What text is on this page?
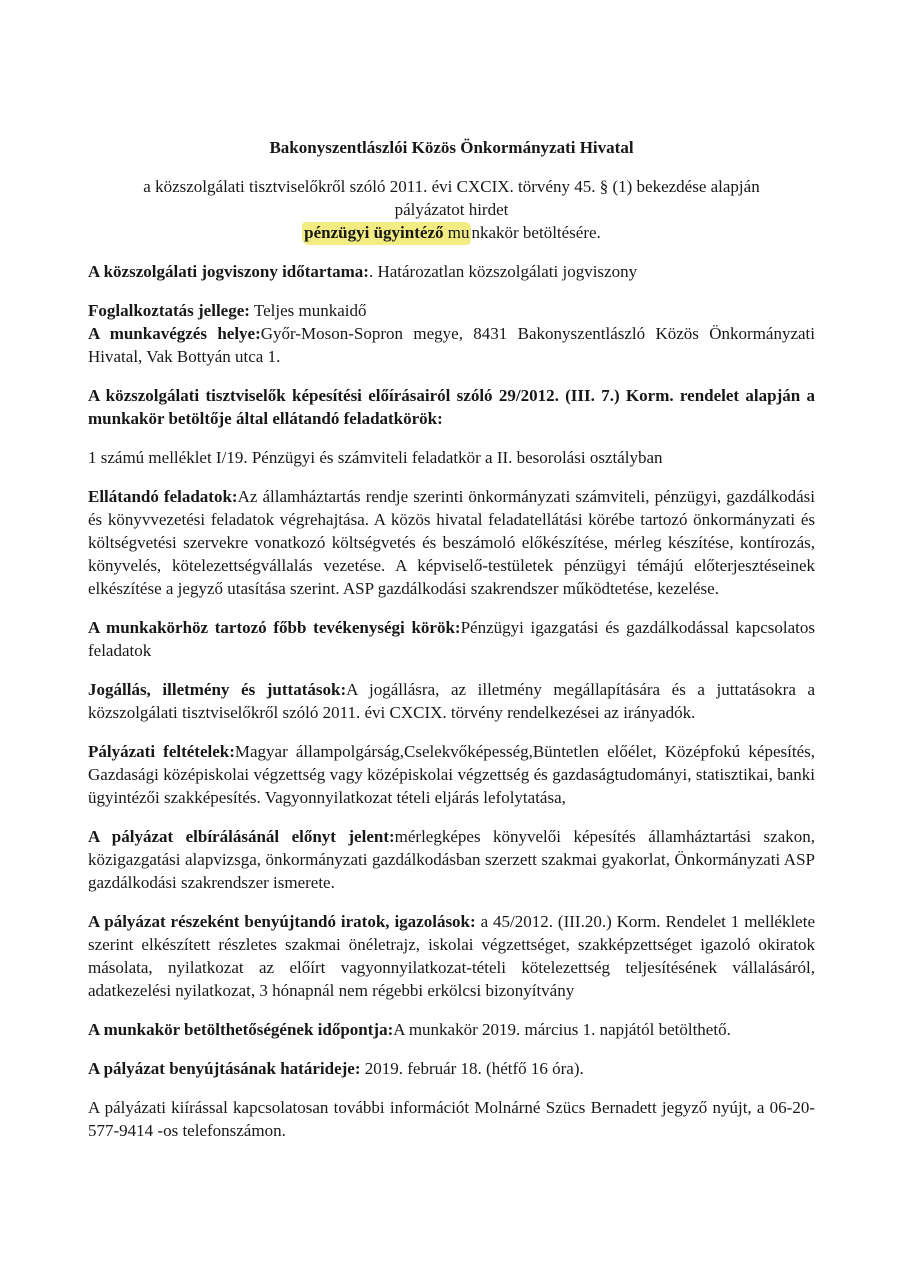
Bakonyszentlászlói Közös Önkormányzati Hivatal

a közszolgálati tisztviselőkről szóló 2011. évi CXCIX. törvény 45. § (1) bekezdése alapján
pályázatot hirdet
pénzügyi ügyintéző mu nkakör betöltésére.

A közszolgálati jogviszony időtartama:. Határozatlan közszolgálati jogviszony

Foglalkoztatás jellege: Teljes munkaidő
A munkavégzés helye:Győr-Moson-Sopron megye, 8431 Bakonyszentlászló Közös Önkormányzati Hivatal, Vak Bottyán utca 1.

A közszolgálati tisztviselők képesítési előírásairól szóló 29/2012. (III. 7.) Korm. rendelet alapján a munkakör betöltője által ellátandó feladatkörök:

1 számú melléklet I/19. Pénzügyi és számviteli feladatkör a II. besorolási osztályban

Ellátandó feladatok:Az államháztartás rendje szerinti önkormányzati számviteli, pénzügyi, gazdálkodási és könyvvezetési feladatok végrehajtása. A közös hivatal feladatellátási körébe tartozó önkormányzati és költségvetési szervekre vonatkozó költségvetés és beszámoló előkészítése, mérleg készítése, kontírozás, könyvelés, kötelezettségvállalás vezetése. A képviselő-testületek pénzügyi témájú előterjesztéseinek elkészítése a jegyző utasítása szerint. ASP gazdálkodási szakrendszer működtetése, kezelése.

A munkakörhöz tartozó főbb tevékenységi körök:Pénzügyi igazgatási és gazdálkodással kapcsolatos feladatok

Jogállás, illetmény és juttatások:A jogállásra, az illetmény megállapítására és a juttatásokra a közszolgálati tisztviselőkről szóló 2011. évi CXCIX. törvény rendelkezései az irányadók.

Pályázati feltételek:Magyar állampolgárság,Cselekvőképesség,Büntetlen előélet, Középfokú képesítés, Gazdasági középiskolai végzettség vagy középiskolai végzettség és gazdaságtudományi, statisztikai, banki ügyintézői szakképesítés. Vagyonnyilatkozat tételi eljárás lefolytatása,

A pályázat elbírálásánál előnyt jelent:mérlegképes könyvelői képesítés államháztartási szakon, közigazgatási alapvizsga, önkormányzati gazdálkodásban szerzett szakmai gyakorlat, Önkormányzati ASP gazdálkodási szakrendszer ismerete.

A pályázat részeként benyújtandó iratok, igazolások: a 45/2012. (III.20.) Korm. Rendelet 1 melléklete szerint elkészített részletes szakmai önéletrajz, iskolai végzettséget, szakképzettséget igazoló okiratok másolata, nyilatkozat az előírt vagyonnyilatkozat-tételi kötelezettség teljesítésének vállalásáról, adatkezelési nyilatkozat, 3 hónapnál nem régebbi erkölcsi bizonyítvány

A munkakör betölthetőségének időpontja:A munkakör 2019. március 1. napjától betölthető.

A pályázat benyújtásának határideje: 2019. február 18. (hétfő 16 óra).

A pályázati kiírással kapcsolatosan további információt Molnárné Szücs Bernadett jegyző nyújt, a 06-20-577-9414 -os telefonszámon.
